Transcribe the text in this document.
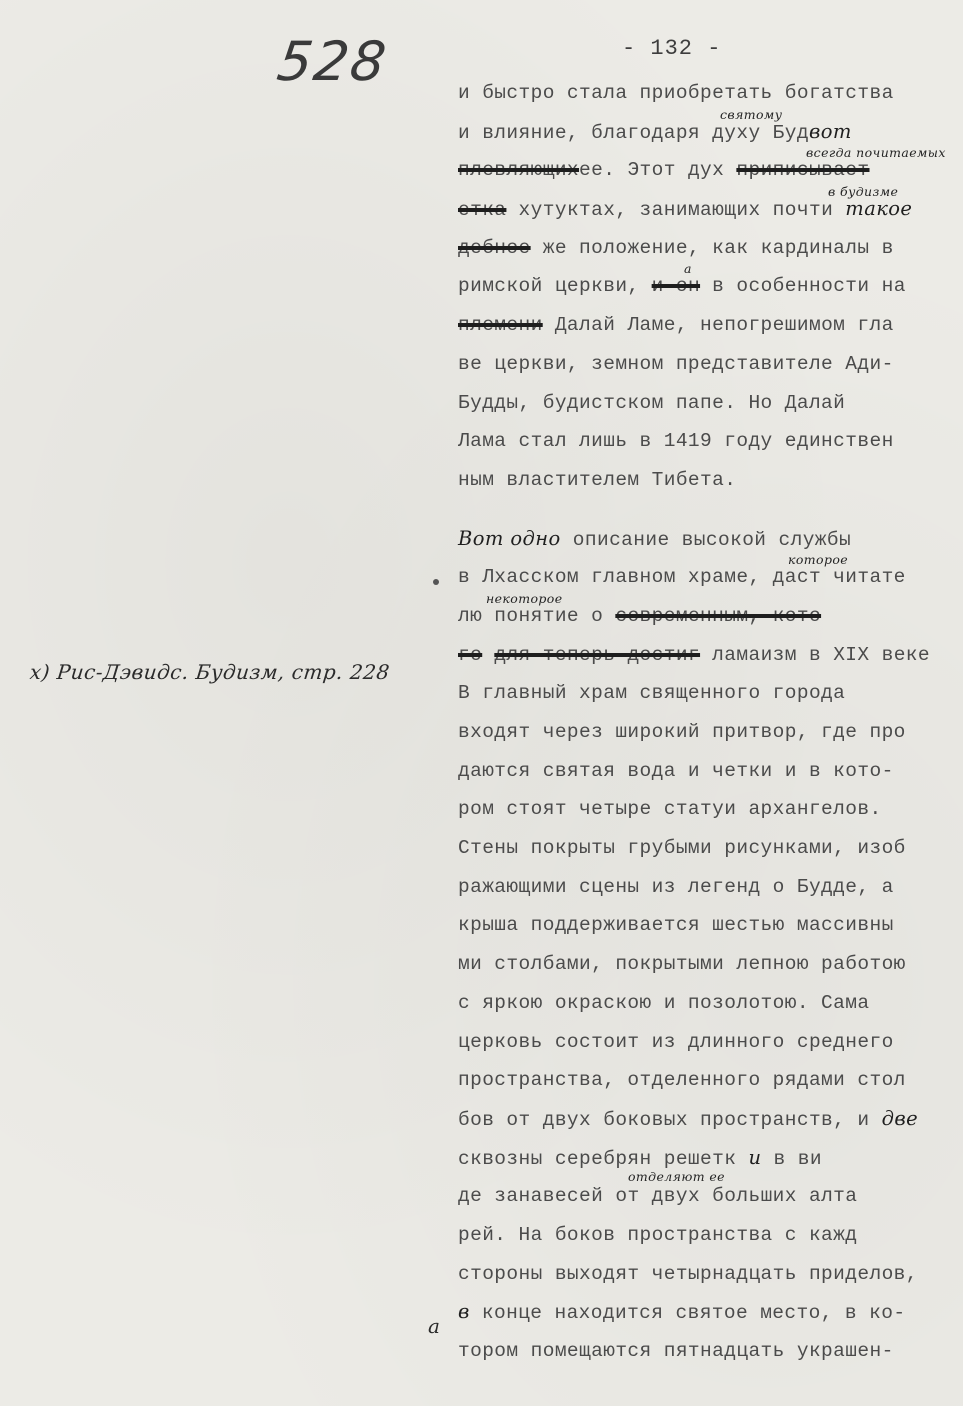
528	- 132 -
х) Рис-Дэвидс. Будизм, стр. 228
а
и быстро стала приобретать богатства
святому
и влияние, благодаря духу Будвот
всегда почитаемых
плевляющихее. Этот дух приписывает
в будизме
етка хутуктах, занимающих почти такое
дебное же положение, как кардиналы в
а
римской церкви, и он в особенности на
племени Далай Ламе, непогрешимом гла
ве церкви, земном представителе Ади-
Будды, будистском папе. Но Далай
Лама стал лишь в 1419 году единствен
ным властителем Тибета.
Вот одно описание высокой службы
которое
в Лхасском главном храме, даст читате
некоторое
лю понятие о современным, кото
го для теперь достиг ламаизм в XIX веке
В главный храм священного города
входят через широкий притвор, где про
даются святая вода и четки и в кото-
ром стоят четыре статуи архангелов.
Стены покрыты грубыми рисунками, изоб
ражающими сцены из легенд о Будде, а
крыша поддерживается шестью массивны
ми столбами, покрытыми лепною работою
с яркою окраскою и позолотою. Сама
церковь состоит из длинного среднего
пространства, отделенного рядами стол
бов от двух боковых пространств, и две
сквозны серебрян решетк и в ви
отделяют ее
де занавесей от двух больших алта
рей. На боков пространства с кажд
стороны выходят четырнадцать приделов,
в конце находится святое место, в ко-
тором помещаются пятнадцать украшен-
